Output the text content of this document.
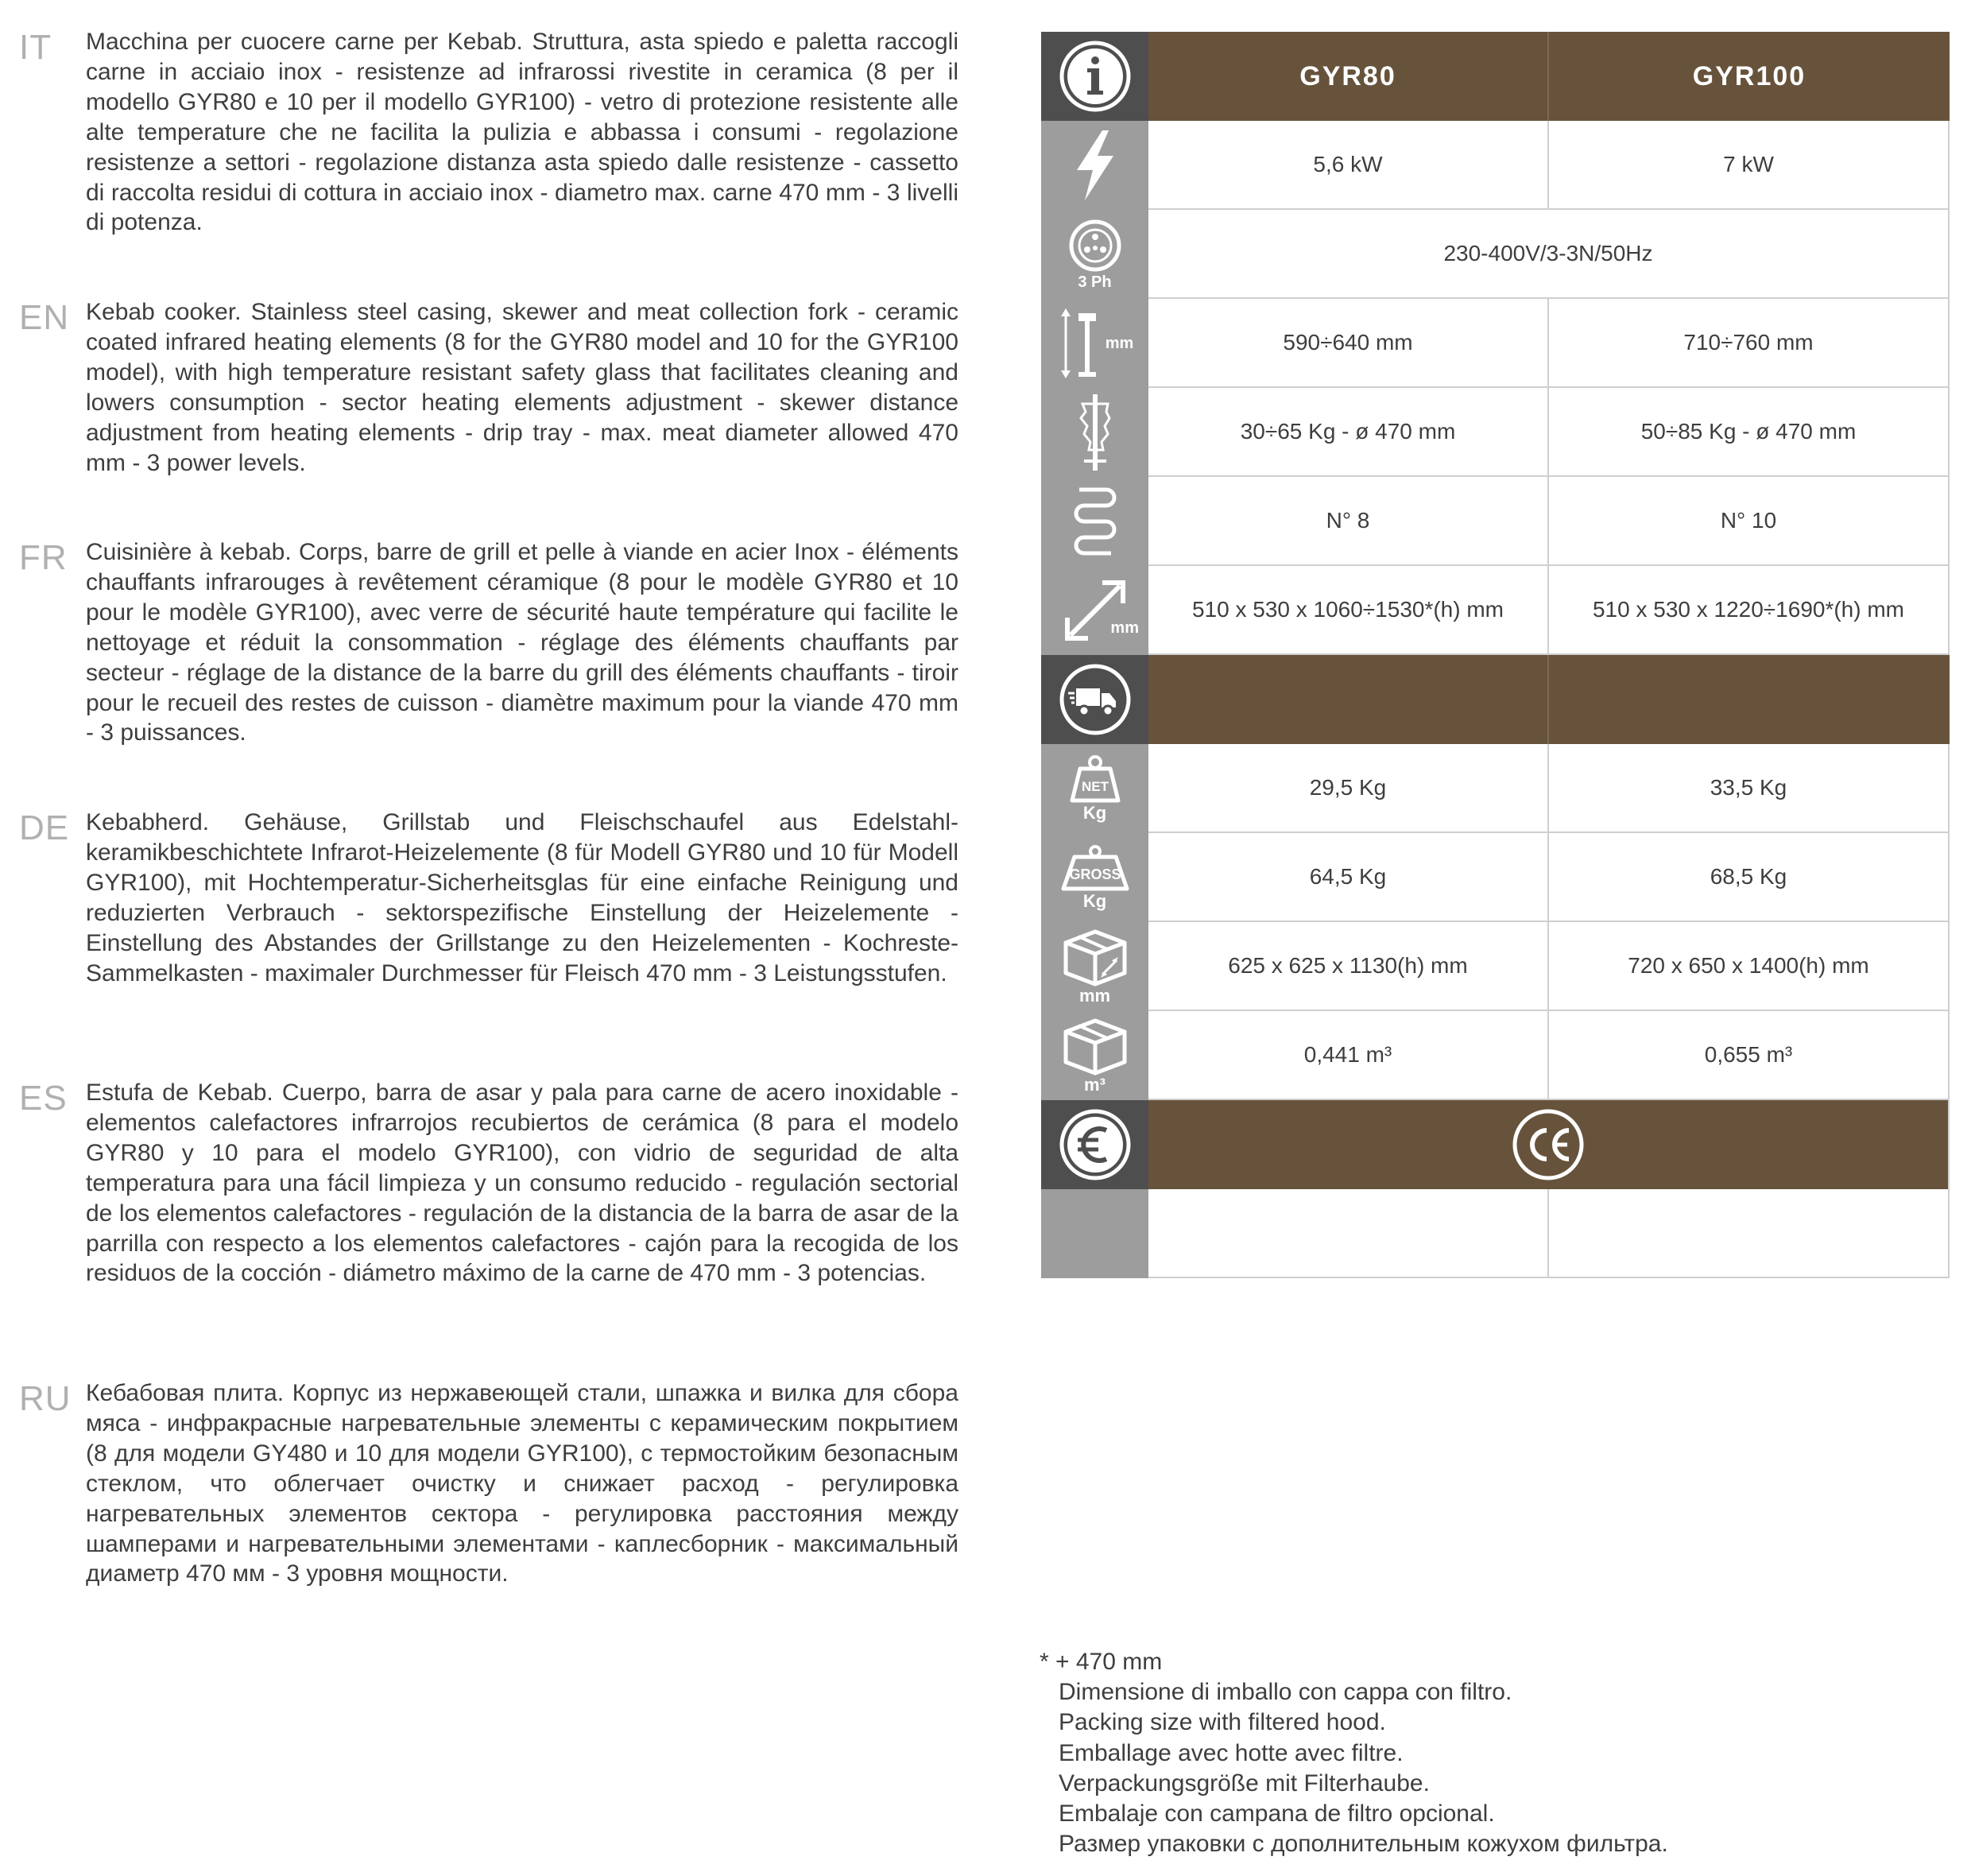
IT	Macchina per cuocere carne per Kebab. Struttura, asta spiedo e paletta raccogli carne in acciaio inox - resistenze ad infrarossi rivestite in ceramica (8 per il modello GYR80 e 10 per il modello GYR100) - vetro di protezione resistente alle alte temperature che ne facilita la pulizia e abbassa i consumi - regolazione resistenze a settori - regolazione distanza asta spiedo dalle resistenze - cassetto di raccolta residui di cottura in acciaio inox - diametro max. carne 470 mm - 3 livelli di potenza.
EN Kebab cooker. Stainless steel casing, skewer and meat collection fork - ceramic coated infrared heating elements (8 for the GYR80 model and 10 for the GYR100 model), with high temperature resistant safety glass that facilitates cleaning and lowers consumption - sector heating elements adjustment - skewer distance adjustment from heating elements - drip tray - max. meat diameter allowed 470 mm - 3 power levels.
FR Cuisinière à kebab. Corps, barre de grill et pelle à viande en acier Inox - éléments chauffants infrarouges à revêtement céramique (8 pour le modèle GYR80 et 10 pour le modèle GYR100), avec verre de sécurité haute température qui facilite le nettoyage et réduit la consommation - réglage des éléments chauffants par secteur - réglage de la distance de la barre du grill des éléments chauffants - tiroir pour le recueil des restes de cuisson - diamètre maximum pour la viande 470 mm - 3 puissances.
DE Kebabherd. Gehäuse, Grillstab und Fleischschaufel aus Edelstahl- keramikbeschichtete Infrarot-Heizelemente (8 für Modell GYR80 und 10 für Modell GYR100), mit Hochtemperatur-Sicherheitsglas für eine einfache Reinigung und reduzierten Verbrauch - sektorspezifische Einstellung der Heizelemente - Einstellung des Abstandes der Grillstange zu den Heizelementen - Kochreste-Sammelkasten - maximaler Durchmesser für Fleisch 470 mm - 3 Leistungsstufen.
ES Estufa de Kebab. Cuerpo, barra de asar y pala para carne de acero inoxidable - elementos calefactores infrarrojos recubiertos de cerámica (8 para el modelo GYR80 y 10 para el modelo GYR100), con vidrio de seguridad de alta temperatura para una fácil limpieza y un consumo reducido - regulación sectorial de los elementos calefactores - regulación de la distancia de la barra de asar de la parrilla con respecto a los elementos calefactores - cajón para la recogida de los residuos de la cocción - diámetro máximo de la carne de 470 mm - 3 potencias.
RU Кебабовая плита. Корпус из нержавеющей стали, шпажка и вилка для сбора мяса - инфракрасные нагревательные элементы с керамическим покрытием (8 для модели GY480 и 10 для модели GYR100), с термостойким безопасным стеклом, что облегчает очистку и снижает расход - регулировка нагревательных элементов сектора - регулировка расстояния между шамперами и нагревательными элементами - каплесборник - максимальный диаметр 470 мм - 3 уровня мощности.
GYR80	GYR100
5,6 kW	7 kW
3 Ph
230-400V/3-3N/50Hz
mm	590÷640 mm	710÷760 mm
30÷65 Kg - ø 470 mm	50÷85 Kg - ø 470 mm
N° 8	N° 10
mm
510 x 530 x 1060÷1530*(h) mm	510 x 530 x 1220÷1690*(h) mm
NET
Kg
29,5 Kg	33,5 Kg
GROSS
Kg
64,5 Kg	68,5 Kg
mm
625 x 625 x 1130(h) mm	720 x 650 x 1400(h) mm
m³
0,441 m³	0,655 m³
* + 470 mm
Dimensione di imballo con cappa con filtro.
Packing size with filtered hood.
Emballage avec hotte avec filtre.
Verpackungsgröße mit Filterhaube.
Embalaje con campana de filtro opcional.
Размер упаковки с дополнительным кожухом фильтра.
